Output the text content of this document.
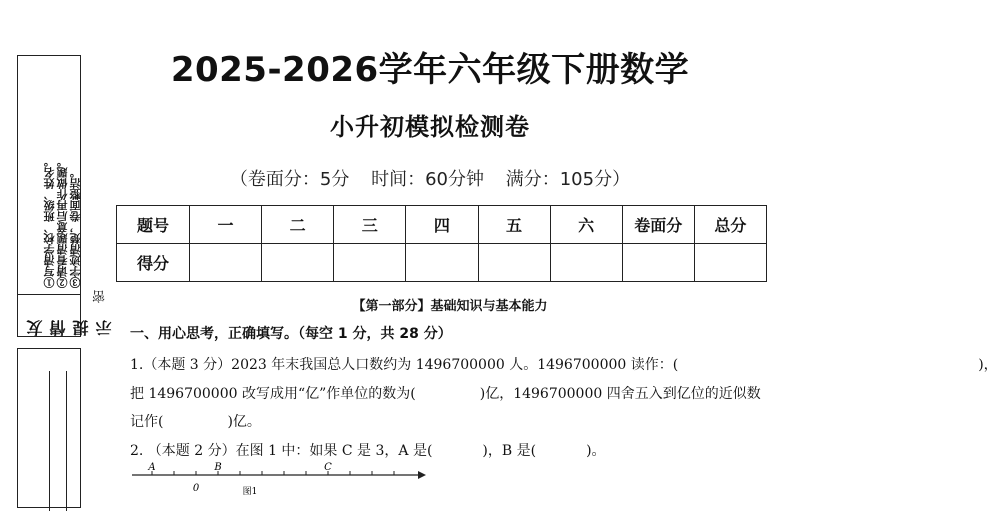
①写清学校、班级、姓名。 ②请看清题意后再作做题。 ③字迹清楚，卷面整洁。
友情提示
密
2025-2026学年六年级下册数学
小升初模拟检测卷
（卷面分：5分 时间：60分钟 满分：105分）
题号	一	二	三	四	五	六	卷面分	总分
得分								
【第一部分】基础知识与基本能力
一、用心思考，正确填写。（每空 1 分，共 28 分）
1.（本题 3 分）2023 年末我国总人口数约为 1496700000 人。1496700000 读作：(	)，
把 1496700000 改写成用“亿”作单位的数为(	)亿，1496700000 四舍五入到亿位的近似数
记作(	)亿。
2. （本题 2 分）在图 1 中：如果 C 是 3，A 是(	)，B 是(	)。
A
0
B	C
图1
